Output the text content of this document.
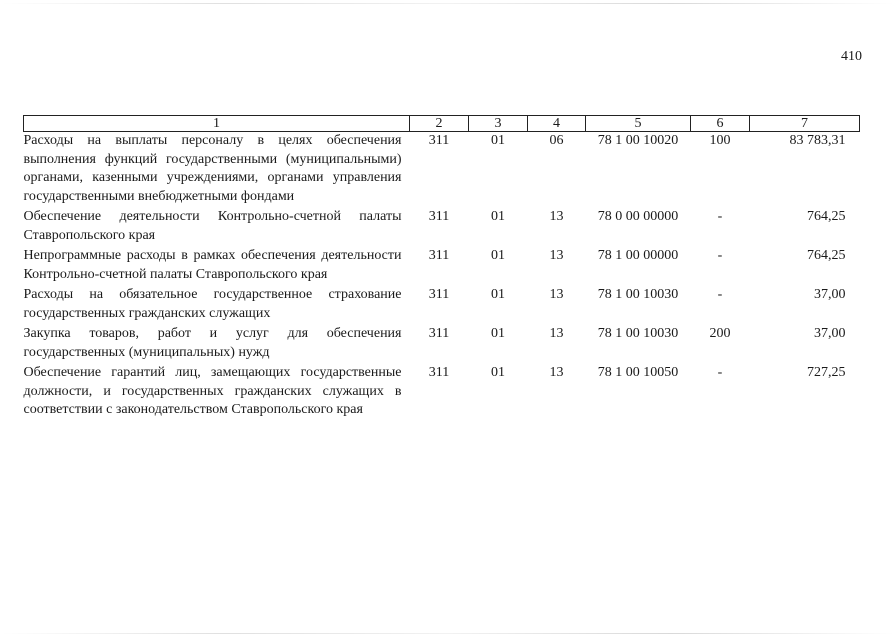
410
1	2	3	4	5	6	7
Расходы на выплаты персоналу в целях обеспечения выполнения функций государственными (муниципальными) органами, казенными учреждениями, органами управления государственными внебюджетными фондами	311	01	06	78 1 00 10020	100	83 783,31
Обеспечение деятельности Контрольно-счетной палаты Ставропольского края	311	01	13	78 0 00 00000	-	764,25
Непрограммные расходы в рамках обеспечения деятельности Контрольно-счетной палаты Ставропольского края	311	01	13	78 1 00 00000	-	764,25
Расходы на обязательное государственное страхование государственных гражданских служащих	311	01	13	78 1 00 10030	-	37,00
Закупка товаров, работ и услуг для обеспечения государственных (муниципальных) нужд	311	01	13	78 1 00 10030	200	37,00
Обеспечение гарантий лиц, замещающих государственные должности, и государственных гражданских служащих в соответствии с законодательством Ставропольского края	311	01	13	78 1 00 10050	-	727,25
